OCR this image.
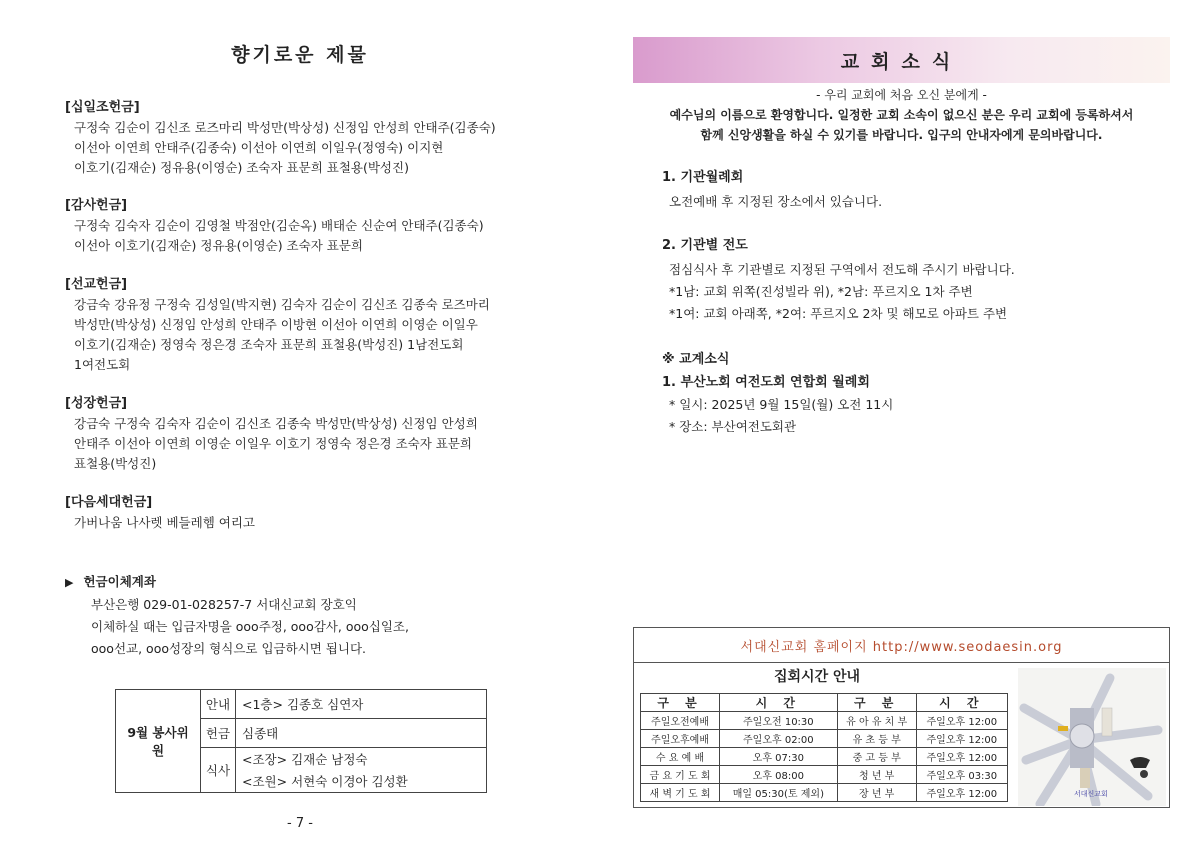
향기로운 제물
[십일조헌금]
구정숙 김순이 김신조 로즈마리 박성만(박상성) 신정임 안성희 안태주(김종숙)
이선아 이연희 안태주(김종숙) 이선아 이연희 이일우(정영숙) 이지현
이호기(김재순) 정유용(이영순) 조숙자 표문희 표철용(박성진)
[감사헌금]
구정숙 김숙자 김순이 김영철 박점안(김순옥) 배태순 신순여 안태주(김종숙)
이선아 이호기(김재순) 정유용(이영순) 조숙자 표문희
[선교헌금]
강금숙 강유정 구정숙 김성일(박지현) 김숙자 김순이 김신조 김종숙 로즈마리
박성만(박상성) 신정임 안성희 안태주 이방현 이선아 이연희 이영순 이일우
이호기(김재순) 정영숙 정은경 조숙자 표문희 표철용(박성진) 1남전도회
1여전도회
[성장헌금]
강금숙 구정숙 김숙자 김순이 김신조 김종숙 박성만(박상성) 신정임 안성희
안태주 이선아 이연희 이영순 이일우 이호기 정영숙 정은경 조숙자 표문희
표철용(박성진)
[다음세대헌금]
가버나움 나사렛 베들레헴 여리고
▶ 헌금이체계좌
부산은행 029-01-028257-7 서대신교회 장호익
이체하실 때는 입금자명을 ooo주정, ooo감사, ooo십일조,
ooo선교, ooo성장의 형식으로 입금하시면 됩니다.
9월 봉사위원	안내	<1층> 김종호 심연자
	헌금	심종태
	식사	<조장> 김재순 남정숙
		<조원> 서현숙 이경아 김성환
- 7 -
교회소식
- 우리 교회에 처음 오신 분에게 -
예수님의 이름으로 환영합니다. 일정한 교회 소속이 없으신 분은 우리 교회에 등록하셔서
함께 신앙생활을 하실 수 있기를 바랍니다. 입구의 안내자에게 문의바랍니다.
1. 기관월례회
오전예배 후 지정된 장소에서 있습니다.
2. 기관별 전도
점심식사 후 기관별로 지정된 구역에서 전도해 주시기 바랍니다.
*1남: 교회 위쪽(진성빌라 위), *2남: 푸르지오 1차 주변
*1여: 교회 아래쪽, *2여: 푸르지오 2차 및 해모로 아파트 주변
※ 교계소식
1. 부산노회 여전도회 연합회 월례회
* 일시: 2025년 9월 15일(월) 오전 11시
* 장소: 부산여전도회관
서대신교회 홈페이지 http://www.seodaesin.org
집회시간 안내
구 분	시 간	구 분	시 간
주일오전예배	주일오전 10:30	유 아 유 치 부	주일오후 12:00
주일오후예배	주일오후 02:00	유 초 등 부	주일오후 12:00
수 요 예 배	오후 07:30	중 고 등 부	주일오후 12:00
금 요 기 도 회	오후 08:00	청 년 부	주일오후 03:30
새 벽 기 도 회	매일 05:30(토 제외)	장 년 부	주일오후 12:00	서대신교회
